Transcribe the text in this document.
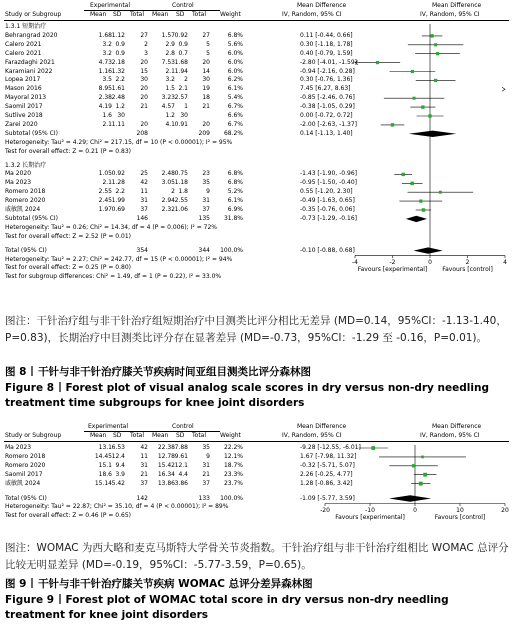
Experimental	Control	Mean Difference	Mean Difference
Study or Subgroup	Mean SD Total Mean SD Total Weight	IV, Random, 95% CI	IV, Random, 95% CI
1.3.1 短期治疗
Behrangrad 2020	1.68 1.12	27 1.57 0.92 27	6.8%	0.11 [-0.44, 0.66]
Calero 2021	3.2 0.9	2	2.9 0.9	5	5.6%	0.30 [-1.18, 1.78]
Calero 2021	3.2 0.9	3	2.8 0.7	5	6.0%	0.40 [-0.79, 1.59]
Farazdaghi 2021	4.73 2.18	20 7.53 1.68 20	6.0%	-2.80 [-4.01, -1.59]
Karamiani 2022	1.16 1.32	15	2.1 1.94 14	6.0%	-0.94 [-2.16, 0.28]
Lopea 2017	3.5 2.2	30	3.2 2 30	6.2%	0.30 [-0.76, 1.36]
Mason 2016	8.95 1.61	20	1.5 2.1 19	6.1%	7.45 [6.27, 8.63]
Mayoral 2013	2.38 2.48	20 3.23 2.57 18	5.4%	-0.85 [-2.46, 0.76]
Saomil 2017	4.19 1.2	21 4.57 1 21	6.7%	-0.38 [-1.05, 0.29]
Sutlive 2018	1.6 30	1.2 30	6.6%	0.00 [-0.72, 0.72]
Zarei 2020	2.1 1.11	20	4.1 0.91 20	6.7%	-2.00 [-2.63, -1.37]
Subtotal (95% CI)	208	209 68.2%	0.14 [-1.13, 1.40]
Heterogeneity: Tau² = 4.29; Chi² = 217.15, df = 10 (P < 0.00001); I² = 95%
Test for overall effect: Z = 0.21 (P = 0.83)
1.3.2 长期治疗
Ma 2020	1.05 0.92	25 2.48 0.75 23	6.8%	-1.43 [-1.90, -0.96]
Ma 2023	2.1 1.28	42 3.05 1.18 35	6.8%	-0.95 [-1.50, -0.40]
Romero 2018	2.55 2.2	11	2 1.8	9	5.2%	0.55 [-1.20, 2.30]
Romero 2020	2.45 1.99	31 2.94 2.55 31	6.1%	-0.49 [-1.63, 0.65]
戚敏凯 2024	1.97 0.69	37 2.32 1.06 37	6.9%	-0.35 [-0.76, 0.06]
Subtotal (95% CI)	146	135 31.8%	-0.73 [-1.29, -0.16]
Heterogeneity: Tau² = 0.26; Chi² = 14.34, df = 4 (P = 0.006); I² = 72%
Test for overall effect: Z = 2.52 (P = 0.01)
Total (95% CI)	354	344 100.0%	-0.10 [-0.88, 0.68]
Heterogeneity: Tau² = 2.27; Chi² = 242.77, df = 15 (P < 0.00001); I² = 94%
Test for overall effect: Z = 0.25 (P = 0.80)
Test for subgroup differences: Chi² = 1.49, df = 1 (P = 0.22), I² = 33.0%
-4	-2	0	2	4
Favours [experimental] Favours [control]
图注：干针治疗组与非干针治疗组短期治疗中目测类比评分相比无差异 (MD=0.14，95%CI：-1.13-1.40，P=0.83)，长期治疗中目测类比评分存在显著差异 (MD=-0.73，95%CI：-1.29 至 -0.16，P=0.01)。
图 8 干针与非干针治疗膝关节疾病时间亚组目测类比评分森林图
Figure 8 Forest plot of visual analog scale scores in dry versus non-dry needling treatment time subgroups for knee joint disorders
Experimental	Control	Mean Difference	Mean Difference
Study or Subgroup	Mean SD Total Mean SD Total Weight	IV, Random, 95% CI	IV, Random, 95% CI
Ma 2023	13.1 6.53	42 22.38 7.88 35 22.2%	-9.28 [-12.55, -6.01]
Romero 2018	14.45 12.4	11 12.78 9.61	9 12.1%	1.67 [-7.98, 11.32]
Romero 2020	15.1 9.4	31 15.42 12.1 31 18.7%	-0.32 [-5.71, 5.07]
Saomil 2017	18.6 3.9	21 16.34 4.4 21 23.3%	2.26 [-0.25, 4.77]
戚敏凯 2024	15.14 5.42	37 13.86 3.86 37 23.7%	1.28 [-0.86, 3.42]
Total (95% CI)	142	133 100.0%	-1.09 [-5.77, 3.59]
Heterogeneity: Tau² = 22.87; Chi² = 35.10, df = 4 (P < 0.00001); I² = 89%
Test for overall effect: Z = 0.46 (P = 0.65)
-20	-10	0	10	20
Favours [experimental]	Favours [control]
图注：WOMAC 为西大略和麦克马斯特大学骨关节炎指数。干针治疗组与非干针治疗组相比 WOMAC 总评分比较无明显差异 (MD=-0.19，95%CI：-5.77-3.59，P=0.65)。
图 9 干针与非干针治疗膝关节疾病 WOMAC 总评分差异森林图
Figure 9 Forest plot of WOMAC total score in dry versus non-dry needling treatment for knee joint disorders
